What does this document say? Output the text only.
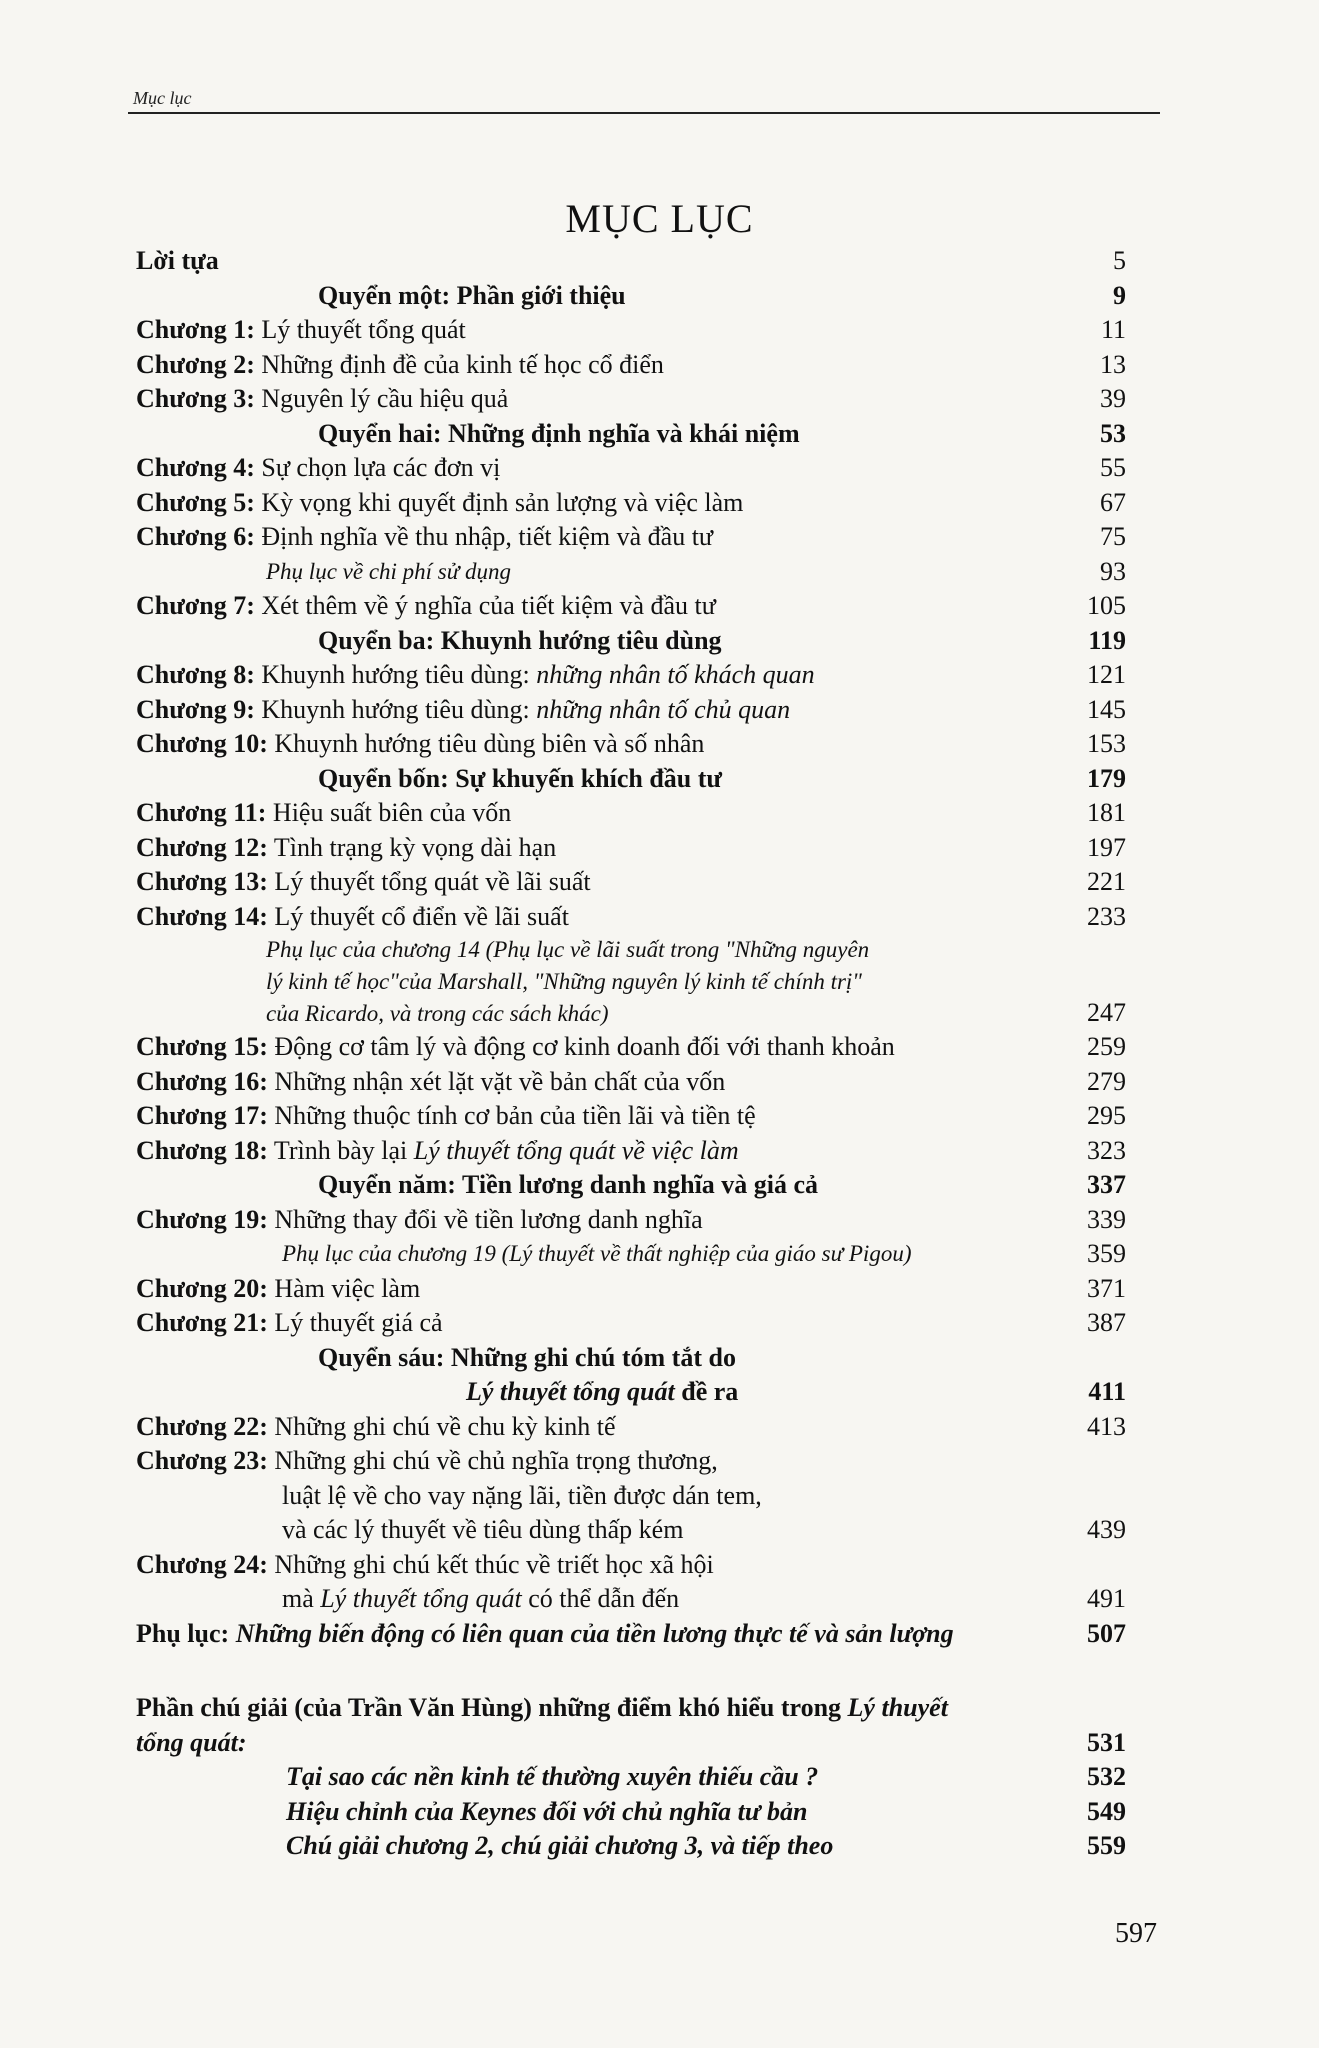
Mục lục
MỤC LỤC
Lời tựa	5
Quyển một: Phần giới thiệu	9
Chương 1: Lý thuyết tổng quát	11
Chương 2: Những định đề của kinh tế học cổ điển	13
Chương 3: Nguyên lý cầu hiệu quả	39
Quyển hai: Những định nghĩa và khái niệm	53
Chương 4: Sự chọn lựa các đơn vị	55
Chương 5: Kỳ vọng khi quyết định sản lượng và việc làm	67
Chương 6: Định nghĩa về thu nhập, tiết kiệm và đầu tư	75
Phụ lục về chi phí sử dụng	93
Chương 7: Xét thêm về ý nghĩa của tiết kiệm và đầu tư	105
Quyển ba: Khuynh hướng tiêu dùng	119
Chương 8: Khuynh hướng tiêu dùng: những nhân tố khách quan	121
Chương 9: Khuynh hướng tiêu dùng: những nhân tố chủ quan	145
Chương 10: Khuynh hướng tiêu dùng biên và số nhân	153
Quyển bốn: Sự khuyến khích đầu tư	179
Chương 11: Hiệu suất biên của vốn	181
Chương 12: Tình trạng kỳ vọng dài hạn	197
Chương 13: Lý thuyết tổng quát về lãi suất	221
Chương 14: Lý thuyết cổ điển về lãi suất	233
Phụ lục của chương 14 (Phụ lục về lãi suất trong "Những nguyên
lý kinh tế học"của Marshall, "Những nguyên lý kinh tế chính trị"
của Ricardo, và trong các sách khác)	247
Chương 15: Động cơ tâm lý và động cơ kinh doanh đối với thanh khoản	259
Chương 16: Những nhận xét lặt vặt về bản chất của vốn	279
Chương 17: Những thuộc tính cơ bản của tiền lãi và tiền tệ	295
Chương 18: Trình bày lại Lý thuyết tổng quát về việc làm	323
Quyển năm: Tiền lương danh nghĩa và giá cả	337
Chương 19: Những thay đổi về tiền lương danh nghĩa	339
Phụ lục của chương 19 (Lý thuyết về thất nghiệp của giáo sư Pigou)	359
Chương 20: Hàm việc làm	371
Chương 21: Lý thuyết giá cả	387
Quyển sáu: Những ghi chú tóm tắt do
Lý thuyết tổng quát đề ra	411
Chương 22: Những ghi chú về chu kỳ kinh tế	413
Chương 23: Những ghi chú về chủ nghĩa trọng thương,
luật lệ về cho vay nặng lãi, tiền được dán tem,
và các lý thuyết về tiêu dùng thấp kém	439
Chương 24: Những ghi chú kết thúc về triết học xã hội
mà Lý thuyết tổng quát có thể dẫn đến	491
Phụ lục: Những biến động có liên quan của tiền lương thực tế và sản lượng	507
Phần chú giải (của Trần Văn Hùng) những điểm khó hiểu trong Lý thuyết
tổng quát:	531
Tại sao các nền kinh tế thường xuyên thiếu cầu ?	532
Hiệu chỉnh của Keynes đối với chủ nghĩa tư bản	549
Chú giải chương 2, chú giải chương 3, và tiếp theo	559
597
